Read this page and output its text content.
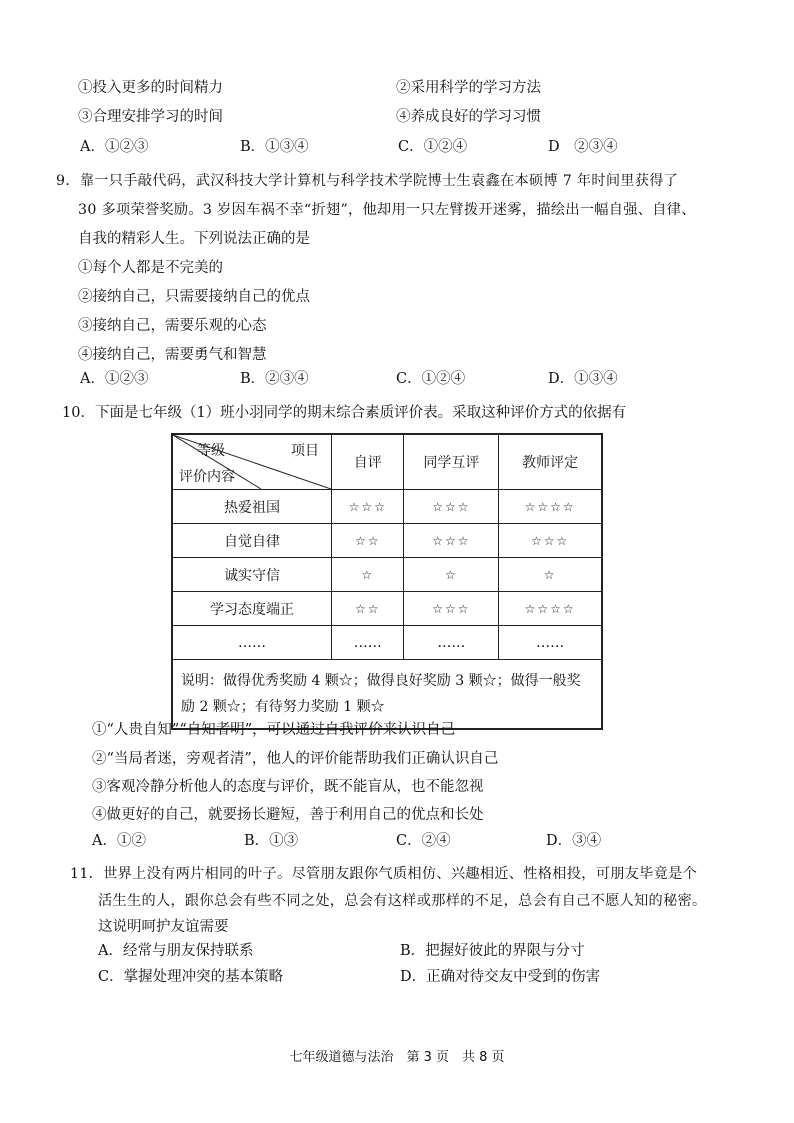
①投入更多的时间精力	②采用科学的学习方法
③合理安排学习的时间	④养成良好的学习习惯
A．①②③	B．①③④	C．①②④	D　②③④
9．靠一只手敲代码，武汉科技大学计算机与科学技术学院博士生袁鑫在本硕博 7 年时间里获得了
30 多项荣誉奖励。3 岁因车祸不幸“折翅”，他却用一只左臂拨开迷雾，描绘出一幅自强、自律、
自我的精彩人生。下列说法正确的是
①每个人都是不完美的
②接纳自己，只需要接纳自己的优点
③接纳自己，需要乐观的心态
④接纳自己，需要勇气和智慧
A．①②③	B．②③④	C．①②④	D．①③④
10．下面是七年级（1）班小羽同学的期末综合素质评价表。采取这种评价方式的依据有
等级 项目
评价内容	自评	同学互评	教师评定
热爱祖国	☆☆☆	☆☆☆	☆☆☆☆
自觉自律	☆☆	☆☆☆	☆☆☆
诚实守信	☆	☆	☆
学习态度端正	☆☆	☆☆☆	☆☆☆☆
……	……	……	……
说明：做得优秀奖励 4 颗☆；做得良好奖励 3 颗☆；做得一般奖励 2 颗☆；有待努力奖励 1 颗☆			
①“人贵自知”“自知者明”，可以通过自我评价来认识自己
②“当局者迷，旁观者清”，他人的评价能帮助我们正确认识自己
③客观冷静分析他人的态度与评价，既不能盲从，也不能忽视
④做更好的自己，就要扬长避短，善于利用自己的优点和长处
A．①②	B．①③	C．②④	D．③④
11．世界上没有两片相同的叶子。尽管朋友跟你气质相仿、兴趣相近、性格相投，可朋友毕竟是个
活生生的人，跟你总会有些不同之处，总会有这样或那样的不足，总会有自己不愿人知的秘密。
这说明呵护友谊需要
A．经常与朋友保持联系	B．把握好彼此的界限与分寸
C．掌握处理冲突的基本策略	D．正确对待交友中受到的伤害
七年级道德与法治　第 3 页　共 8 页
